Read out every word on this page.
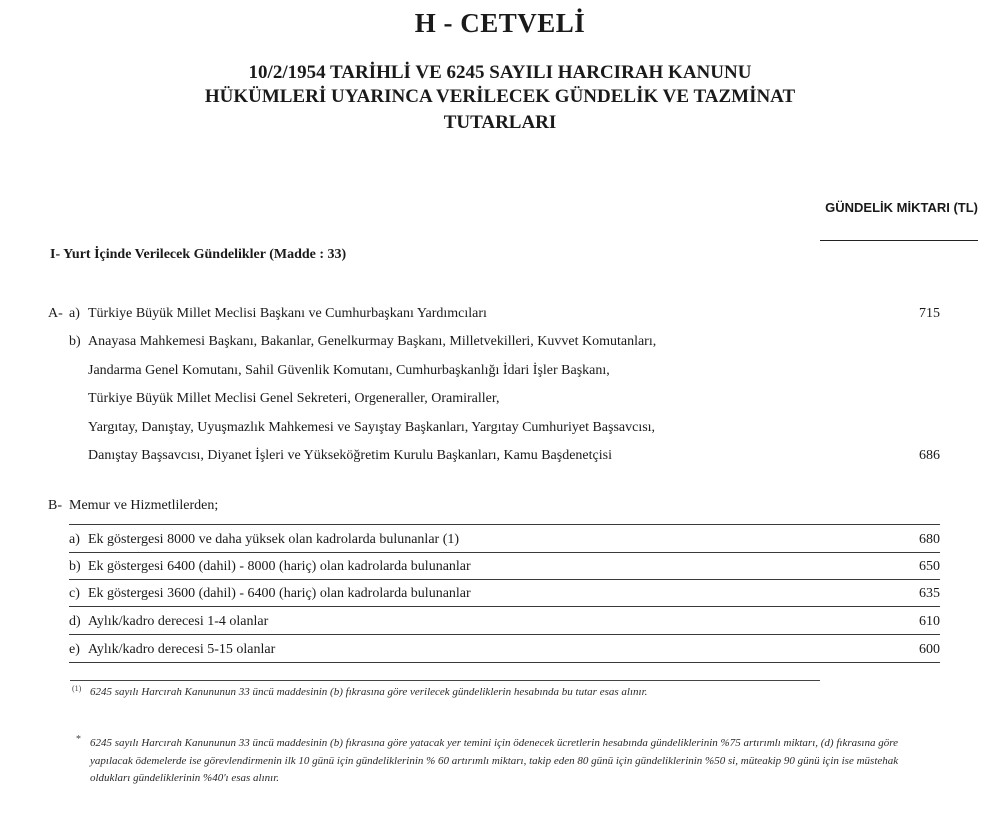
H - CETVELİ
10/2/1954 TARİHLİ VE 6245 SAYILI HARCIRAH KANUNU
HÜKÜMLERİ UYARINCA VERİLECEK GÜNDELİK VE TAZMİNAT
TUTARLARI
GÜNDELİK MİKTARI (TL)
I- Yurt İçinde Verilecek Gündelikler (Madde : 33)
A- a) Türkiye Büyük Millet Meclisi Başkanı ve Cumhurbaşkanı Yardımcıları	715
b) Anayasa Mahkemesi Başkanı, Bakanlar, Genelkurmay Başkanı, Milletvekilleri, Kuvvet Komutanları,
Jandarma Genel Komutanı, Sahil Güvenlik Komutanı, Cumhurbaşkanlığı İdari İşler Başkanı,
Türkiye Büyük Millet Meclisi Genel Sekreteri, Orgeneraller, Oramiraller,
Yargıtay, Danıştay, Uyuşmazlık Mahkemesi ve Sayıştay Başkanları, Yargıtay Cumhuriyet Başsavcısı,
Danıştay Başsavcısı, Diyanet İşleri ve Yükseköğretim Kurulu Başkanları, Kamu Başdenetçisi	686
B- Memur ve Hizmetlilerden;
a) Ek göstergesi 8000 ve daha yüksek olan kadrolarda bulunanlar (1)	680
b) Ek göstergesi 6400 (dahil) - 8000 (hariç) olan kadrolarda bulunanlar	650
c) Ek göstergesi 3600 (dahil) - 6400 (hariç) olan kadrolarda bulunanlar	635
d) Aylık/kadro derecesi 1-4 olanlar	610
e) Aylık/kadro derecesi 5-15 olanlar	600
(1) 6245 sayılı Harcırah Kanununun 33 üncü maddesinin (b) fıkrasına göre verilecek gündeliklerin hesabında bu tutar esas alınır.
* 6245 sayılı Harcırah Kanununun 33 üncü maddesinin (b) fıkrasına göre yatacak yer temini için ödenecek ücretlerin hesabında gündeliklerinin %75 artırımlı miktarı, (d) fıkrasına göre yapılacak ödemelerde ise görevlendirmenin ilk 10 günü için gündeliklerinin % 60 artırımlı miktarı, takip eden 80 günü için gündeliklerinin %50 si, müteakip 90 günü için ise müstehak oldukları gündeliklerinin %40'ı esas alınır.
